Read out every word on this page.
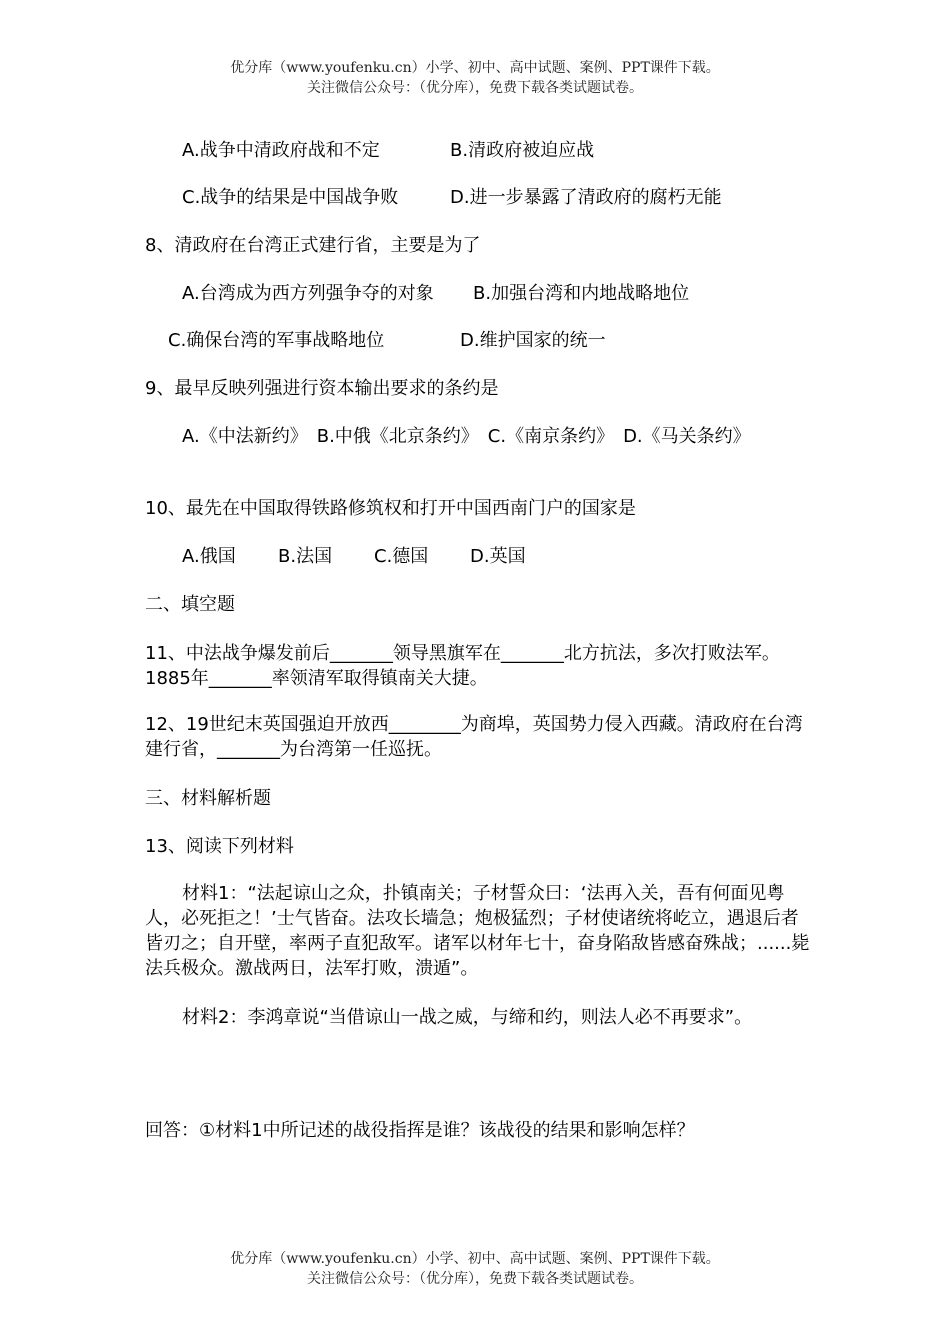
优分库（www.youfenku.cn）小学、初中、高中试题、案例、PPT课件下载。
关注微信公众号：（优分库），免费下载各类试题试卷。
A.战争中清政府战和不定	B.清政府被迫应战
C.战争的结果是中国战争败	D.进一步暴露了清政府的腐朽无能
8、清政府在台湾正式建行省，主要是为了
A.台湾成为西方列强争夺的对象 B.加强台湾和内地战略地位
C.确保台湾的军事战略地位	D.维护国家的统一
9、最早反映列强进行资本输出要求的条约是
A.《中法新约》　B.中俄《北京条约》　C.《南京条约》　D.《马关条约》
10、最先在中国取得铁路修筑权和打开中国西南门户的国家是
A.俄国 B.法国 C.德国 D.英国
二、填空题
11、中法战争爆发前后_______领导黑旗军在_______北方抗法，多次打败法军。1885年_______率领清军取得镇南关大捷。
12、19世纪末英国强迫开放西________为商埠，英国势力侵入西藏。清政府在台湾建行省，_______为台湾第一任巡抚。
三、材料解析题
13、阅读下列材料
材料1：“法起谅山之众，扑镇南关；子材誓众曰：‘法再入关，吾有何面见粤人，必死拒之！’士气皆奋。法攻长墙急；炮极猛烈；子材使诸统将屹立，遇退后者皆刃之；自开壁，率两子直犯敌军。诸军以材年七十，奋身陷敌皆感奋殊战；......毙法兵极众。激战两日，法军打败，溃遁”。
材料2：李鸿章说“当借谅山一战之威，与缔和约，则法人必不再要求”。
回答：①材料1中所记述的战役指挥是谁？该战役的结果和影响怎样？
优分库（www.youfenku.cn）小学、初中、高中试题、案例、PPT课件下载。
关注微信公众号：（优分库），免费下载各类试题试卷。
